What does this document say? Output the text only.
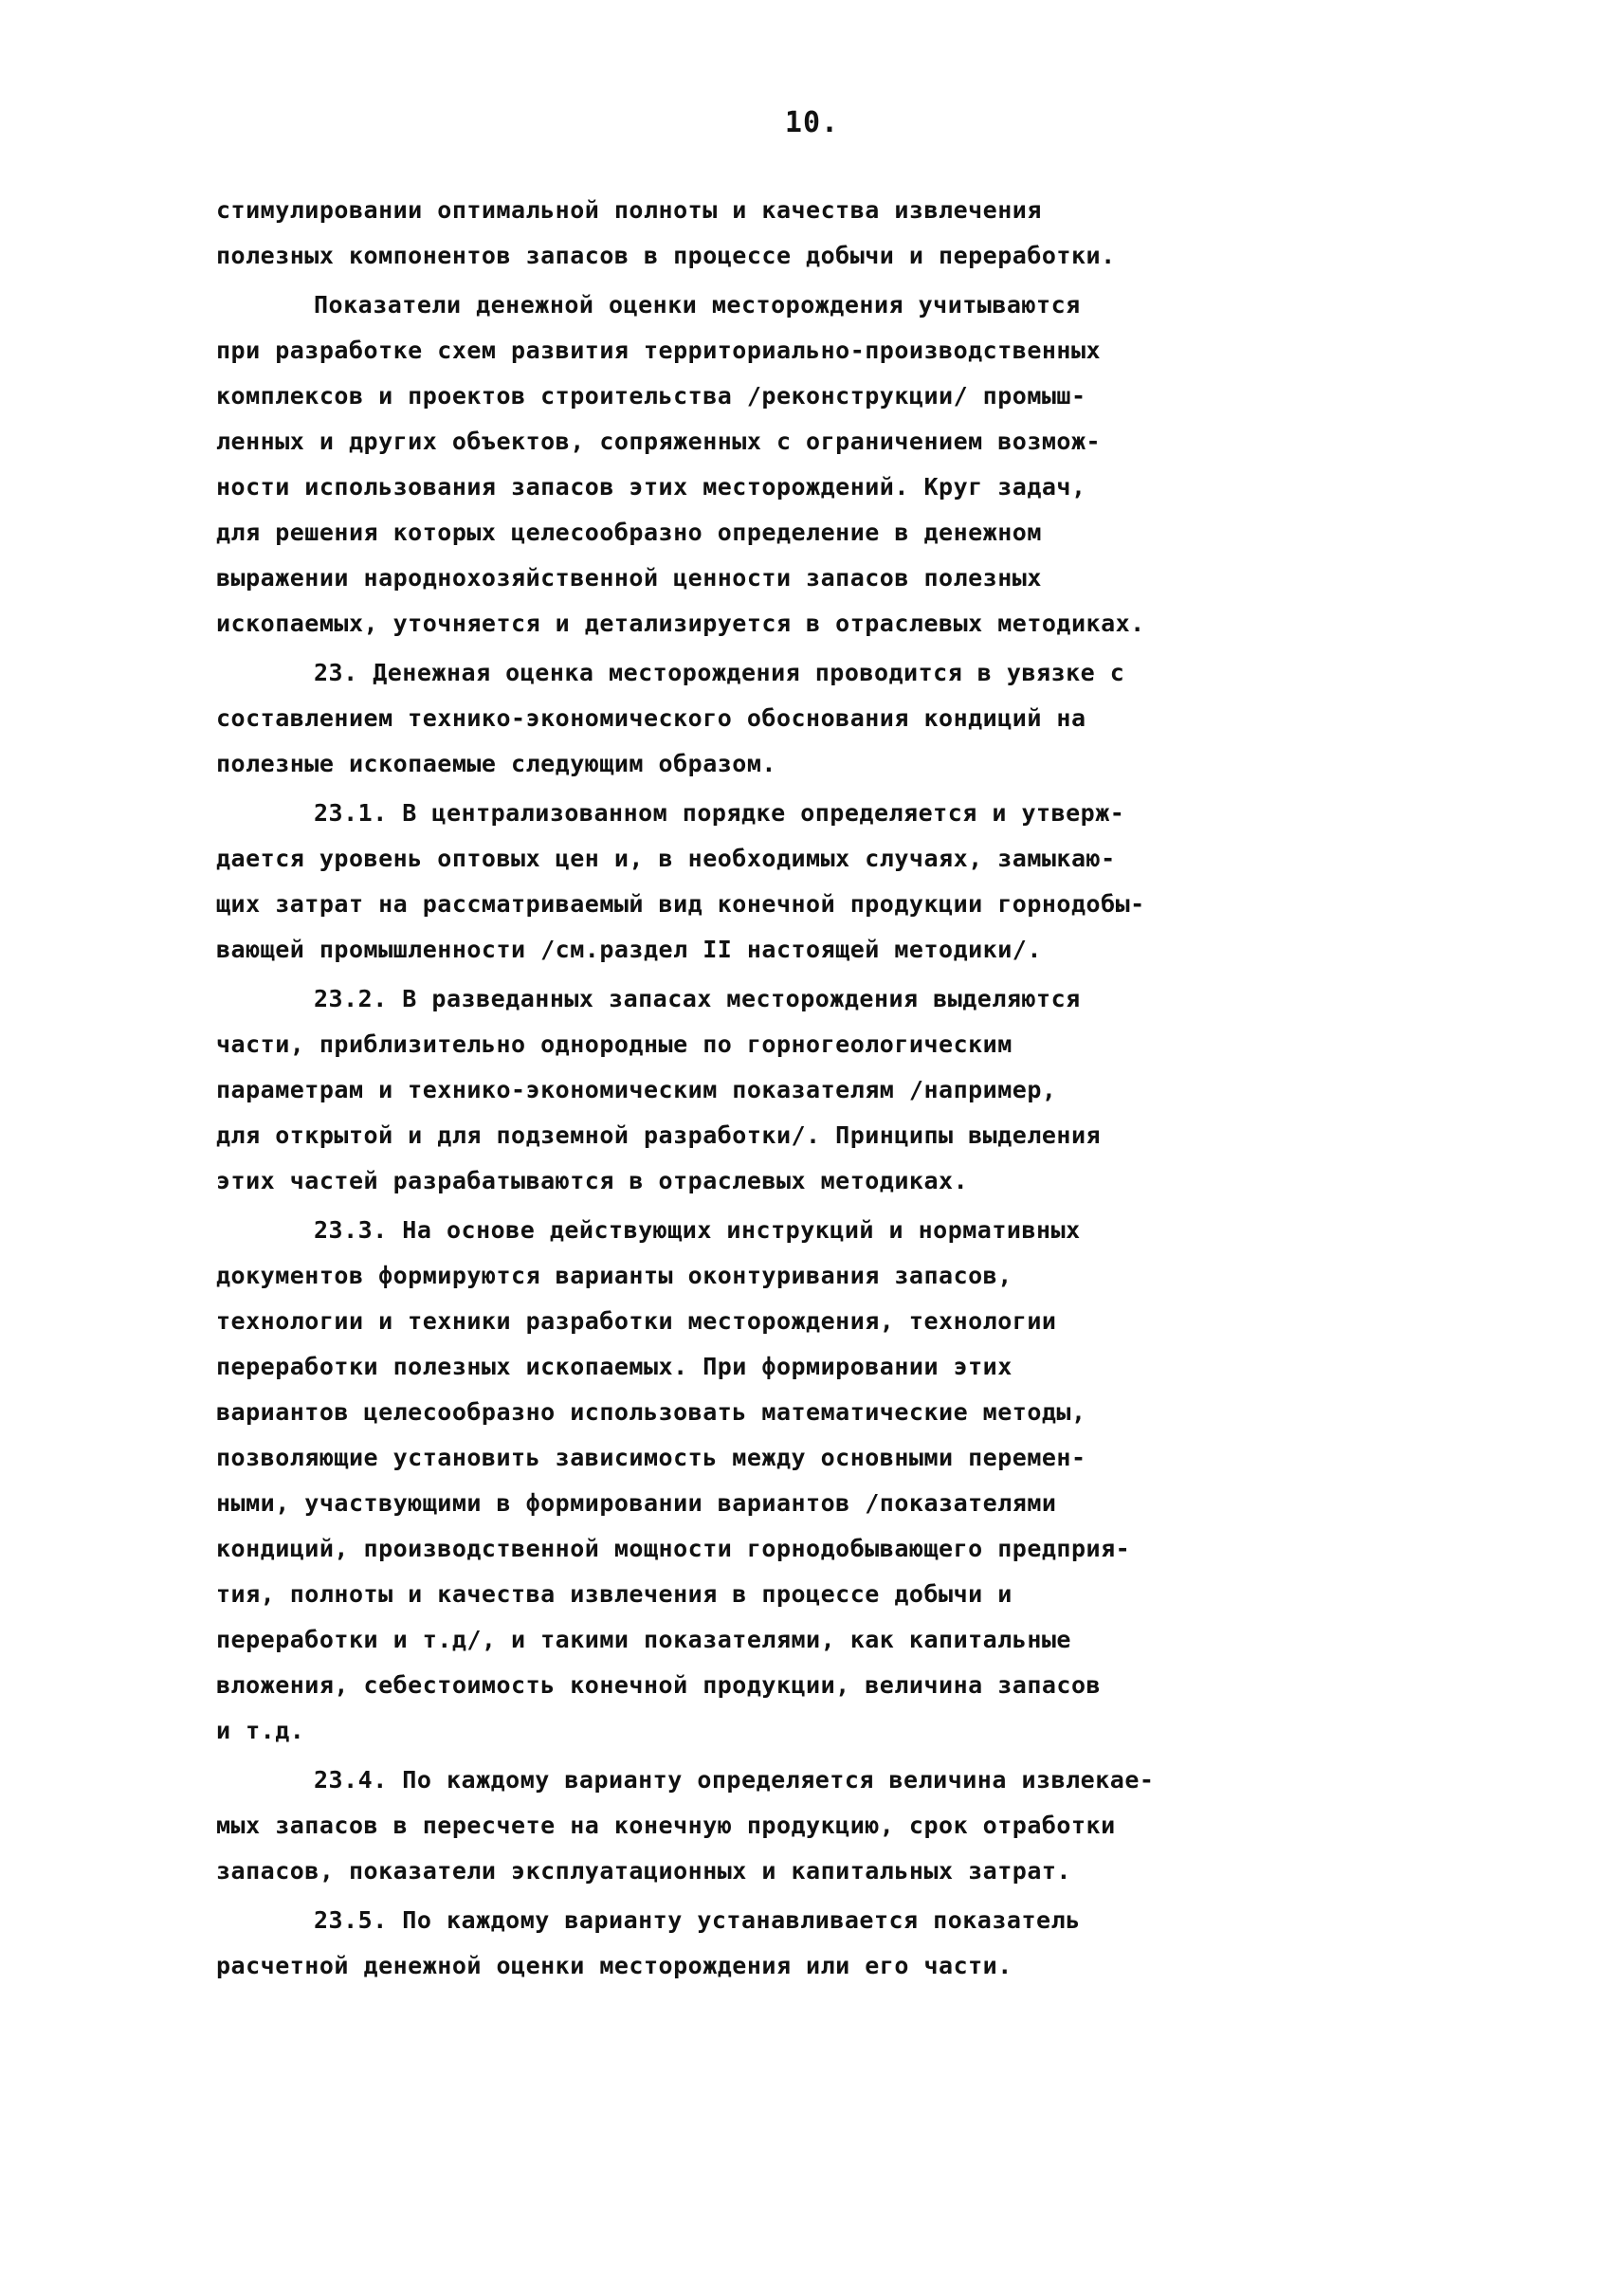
10.
стимулировании оптимальной полноты и качества извлечения
полезных компонентов запасов в процессе добычи и переработки.
Показатели денежной оценки месторождения учитываются
при разработке схем развития территориально-производственных
комплексов и проектов строительства /реконструкции/ промыш-
ленных и других объектов, сопряженных с ограничением возмож-
ности использования запасов этих месторождений. Круг задач,
для решения которых целесообразно определение в денежном
выражении народнохозяйственной ценности запасов полезных
ископаемых, уточняется и детализируется в отраслевых методиках.
23. Денежная оценка месторождения проводится в увязке с
составлением технико-экономического обоснования кондиций на
полезные ископаемые следующим образом.
23.1. В централизованном порядке определяется и утверж-
дается уровень оптовых цен и, в необходимых случаях, замыкаю-
щих затрат на рассматриваемый вид конечной продукции горнодобы-
вающей промышленности /см.раздел II настоящей методики/.
23.2. В разведанных запасах месторождения выделяются
части, приблизительно однородные по горногеологическим
параметрам и технико-экономическим показателям /например,
для открытой и для подземной разработки/. Принципы выделения
этих частей разрабатываются в отраслевых методиках.
23.3. На основе действующих инструкций и нормативных
документов формируются варианты оконтуривания запасов,
технологии и техники разработки месторождения, технологии
переработки полезных ископаемых. При формировании этих
вариантов целесообразно использовать математические методы,
позволяющие установить зависимость между основными перемен-
ными, участвующими в формировании вариантов /показателями
кондиций, производственной мощности горнодобывающего предприя-
тия, полноты и качества извлечения в процессе добычи и
переработки и т.д/, и такими показателями, как капитальные
вложения, себестоимость конечной продукции, величина запасов
и т.д.
23.4. По каждому варианту определяется величина извлекае-
мых запасов в пересчете на конечную продукцию, срок отработки
запасов, показатели эксплуатационных и капитальных затрат.
23.5. По каждому варианту устанавливается показатель
расчетной денежной оценки месторождения или его части.
